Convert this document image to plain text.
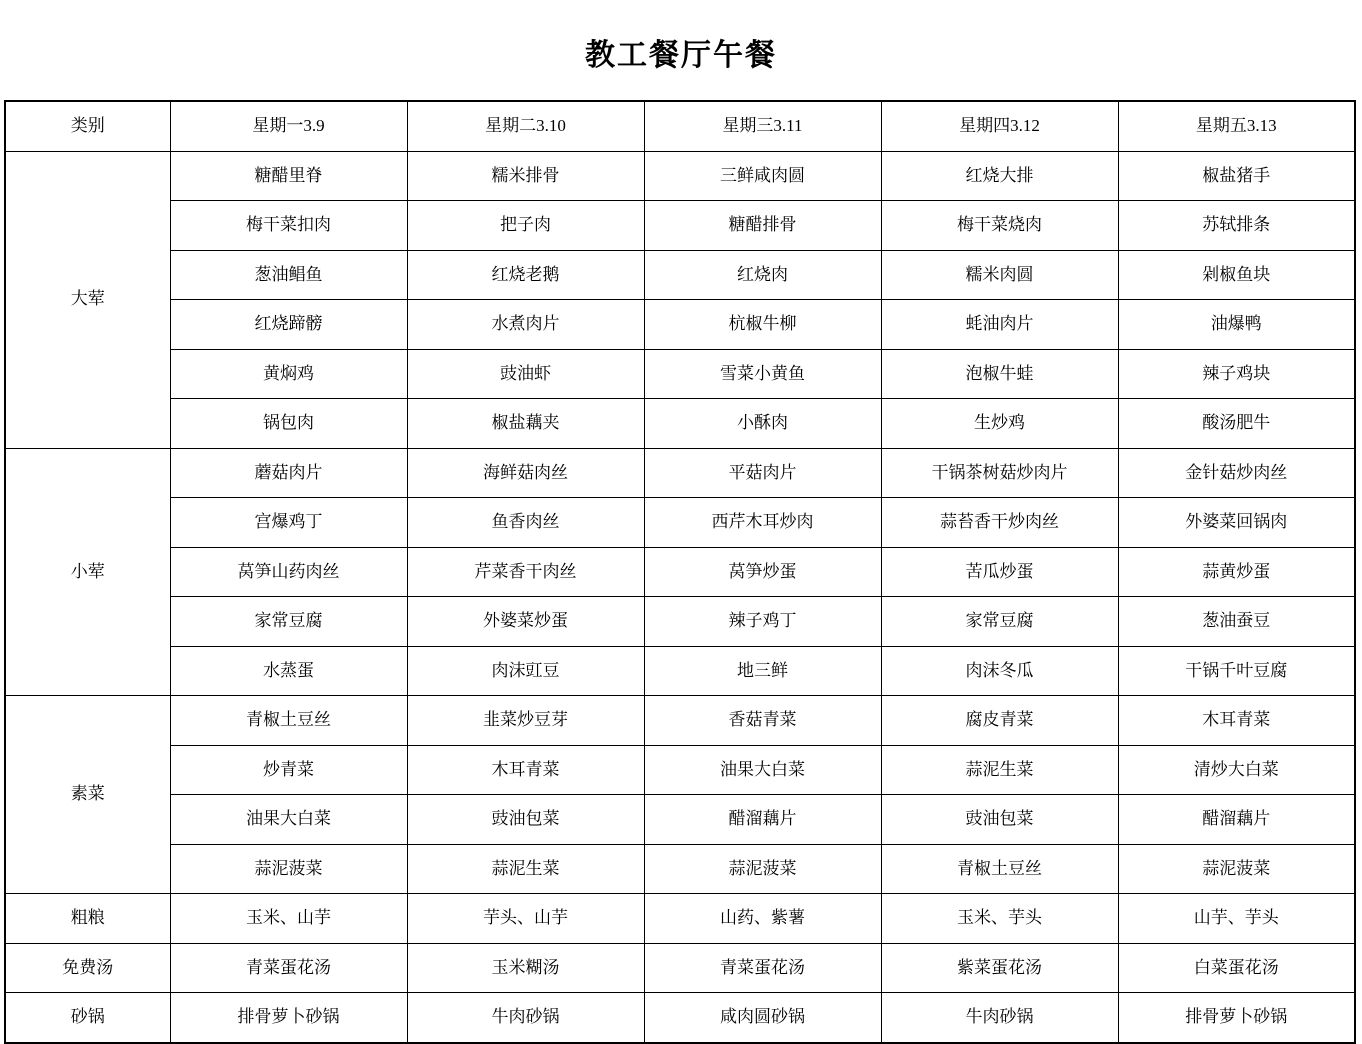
教工餐厅午餐
类别	星期一3.9	星期二3.10	星期三3.11	星期四3.12	星期五3.13
大荤	糖醋里脊	糯米排骨	三鲜咸肉圆	红烧大排	椒盐猪手
	梅干菜扣肉	把子肉	糖醋排骨	梅干菜烧肉	苏轼排条
	葱油鲳鱼	红烧老鹅	红烧肉	糯米肉圆	剁椒鱼块
	红烧蹄髈	水煮肉片	杭椒牛柳	蚝油肉片	油爆鸭
	黄焖鸡	豉油虾	雪菜小黄鱼	泡椒牛蛙	辣子鸡块
	锅包肉	椒盐藕夹	小酥肉	生炒鸡	酸汤肥牛
小荤	蘑菇肉片	海鲜菇肉丝	平菇肉片	干锅茶树菇炒肉片	金针菇炒肉丝
	宫爆鸡丁	鱼香肉丝	西芹木耳炒肉	蒜苔香干炒肉丝	外婆菜回锅肉
	莴笋山药肉丝	芹菜香干肉丝	莴笋炒蛋	苦瓜炒蛋	蒜黄炒蛋
	家常豆腐	外婆菜炒蛋	辣子鸡丁	家常豆腐	葱油蚕豆
	水蒸蛋	肉沫豇豆	地三鲜	肉沫冬瓜	干锅千叶豆腐
素菜	青椒土豆丝	韭菜炒豆芽	香菇青菜	腐皮青菜	木耳青菜
	炒青菜	木耳青菜	油果大白菜	蒜泥生菜	清炒大白菜
	油果大白菜	豉油包菜	醋溜藕片	豉油包菜	醋溜藕片
	蒜泥菠菜	蒜泥生菜	蒜泥菠菜	青椒土豆丝	蒜泥菠菜
粗粮	玉米、山芋	芋头、山芋	山药、紫薯	玉米、芋头	山芋、芋头
免费汤	青菜蛋花汤	玉米糊汤	青菜蛋花汤	紫菜蛋花汤	白菜蛋花汤
砂锅	排骨萝卜砂锅	牛肉砂锅	咸肉圆砂锅	牛肉砂锅	排骨萝卜砂锅
